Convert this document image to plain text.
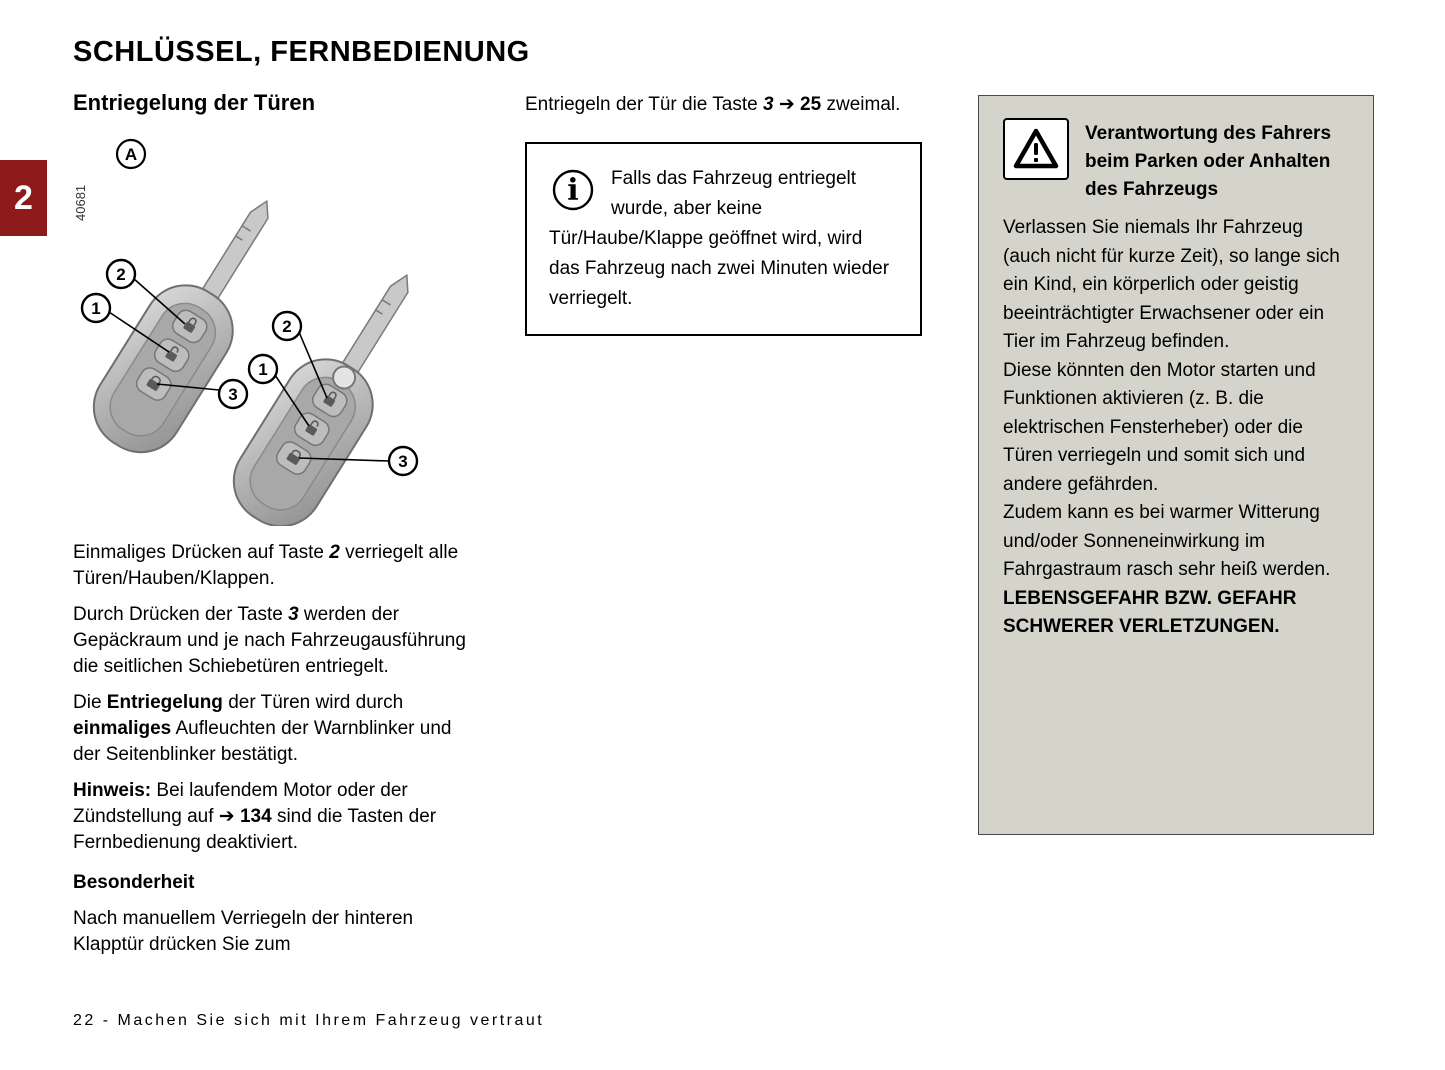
SCHLÜSSEL, FERNBEDIENUNG
2
Entriegelung der Türen
2
1
3
2
1
3
A
40681

Einmaliges Drücken auf Taste 2 verriegelt alle Türen/Hauben/Klappen.

Durch Drücken der Taste 3 werden der Gepäckraum und je nach Fahrzeugausführung die seitlichen Schiebetüren entriegelt.

Die Entriegelung der Türen wird durch einmaliges Aufleuchten der Warnblinker und der Seitenblinker bestätigt.

Hinweis: Bei laufendem Motor oder der Zündstellung auf ➔ 134 sind die Tasten der Fernbedienung deaktiviert.

Besonderheit

Nach manuellem Verriegeln der hinteren Klapptür drücken Sie zum

Entriegeln der Tür die Taste 3 ➔ 25 zweimal.
i Falls das Fahrzeug entriegelt wurde, aber keine Tür/Haube/Klappe geöffnet wird, wird das Fahrzeug nach zwei Minuten wieder verriegelt.
Verantwortung des Fahrers beim Parken oder Anhalten des Fahrzeugs

Verlassen Sie niemals Ihr Fahrzeug (auch nicht für kurze Zeit), so lange sich ein Kind, ein körperlich oder geistig beeinträchtigter Erwachsener oder ein Tier im Fahrzeug befinden.

Diese könnten den Motor starten und Funktionen aktivieren (z. B. die elektrischen Fensterheber) oder die Türen verriegeln und somit sich und andere gefährden.

Zudem kann es bei warmer Witterung und/oder Sonneneinwirkung im Fahrgastraum rasch sehr heiß werden.

LEBENSGEFAHR BZW. GEFAHR SCHWERER VERLETZUNGEN.

22 - Machen Sie sich mit Ihrem Fahrzeug vertraut
